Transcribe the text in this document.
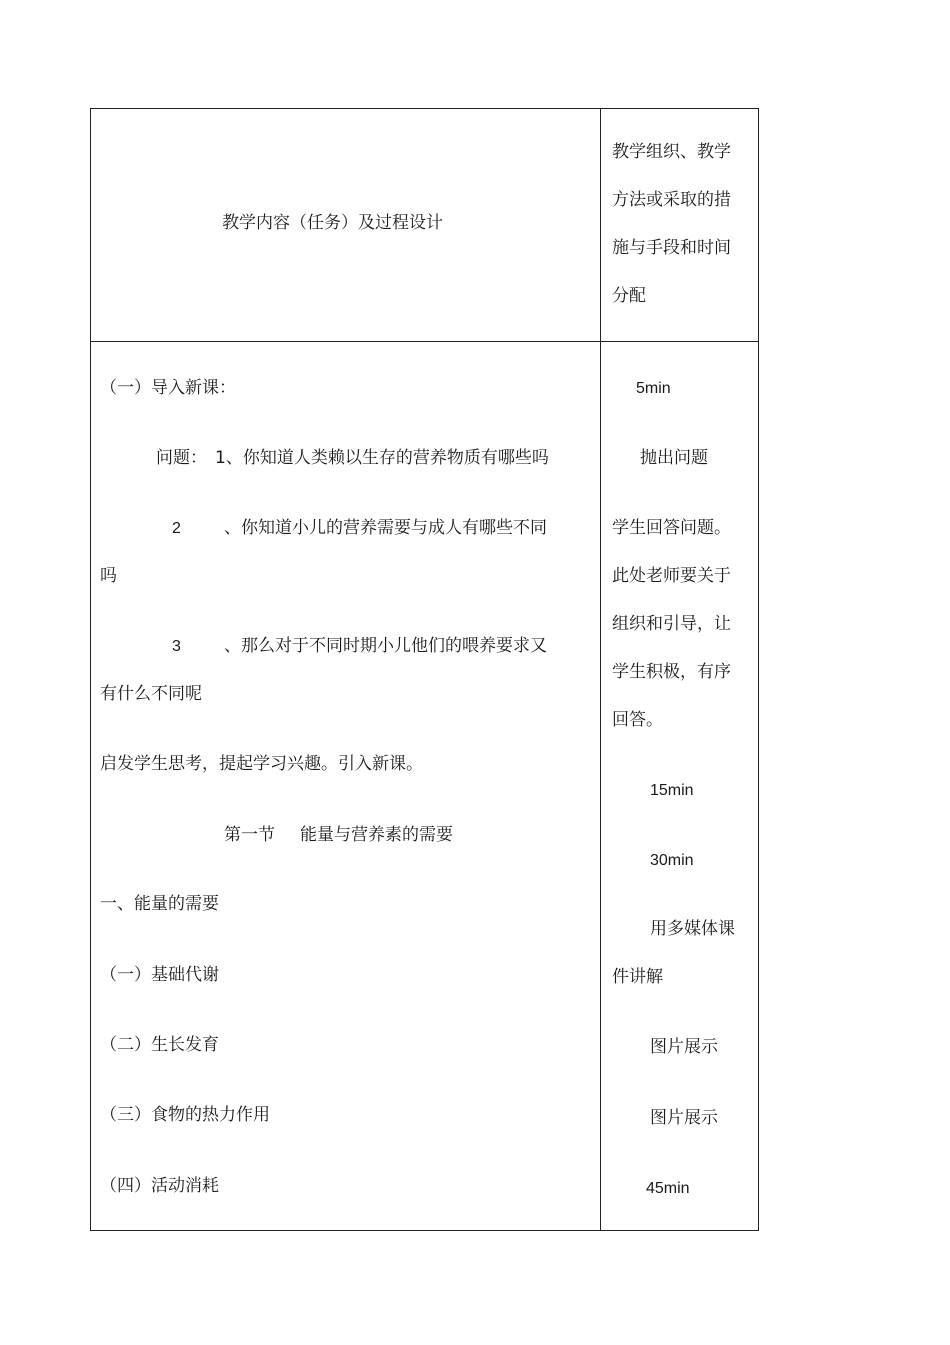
教学内容（任务）及过程设计
教学组织、教学
方法或采取的措
施与手段和时间
分配
（一）导入新课：
问题： 1、你知道人类赖以生存的营养物质有哪些吗
2	、你知道小儿的营养需要与成人有哪些不同
吗
3	、那么对于不同时期小儿他们的喂养要求又
有什么不同呢
启发学生思考，提起学习兴趣。引入新课。
第一节 能量与营养素的需要
一、能量的需要
（一）基础代谢
（二）生长发育
（三）食物的热力作用
（四）活动消耗
5min
抛出问题
学生回答问题。
此处老师要关于
组织和引导，让
学生积极，有序
回答。
15min
30min
用多媒体课
件讲解
图片展示
图片展示
45min
